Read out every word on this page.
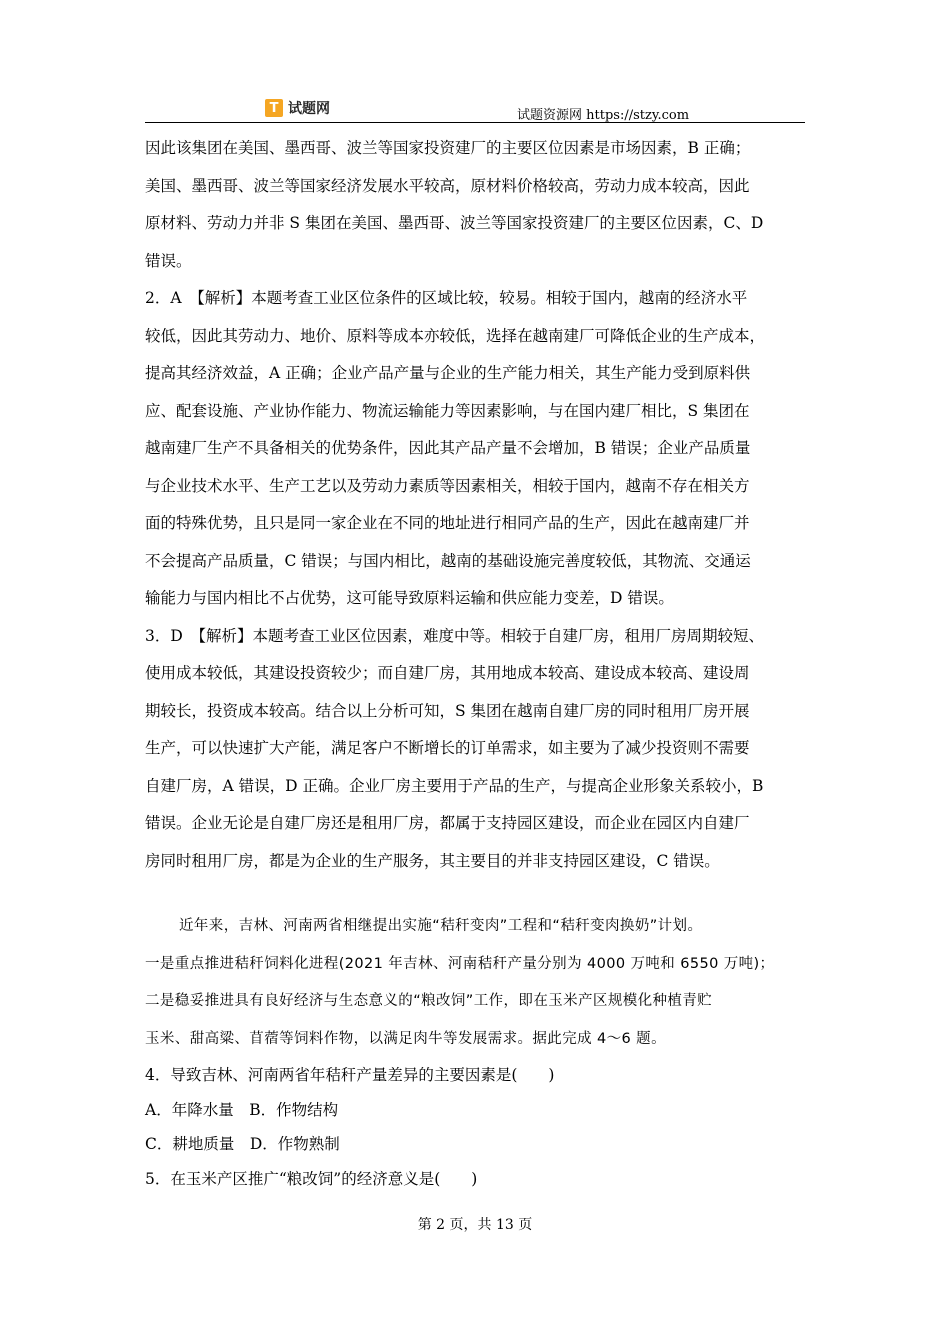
T 试题网	试题资源网 https://stzy.com

因此该集团在美国、墨西哥、波兰等国家投资建厂的主要区位因素是市场因素，B 正确；

美国、墨西哥、波兰等国家经济发展水平较高，原材料价格较高，劳动力成本较高，因此

原材料、劳动力并非 S 集团在美国、墨西哥、波兰等国家投资建厂的主要区位因素，C、D

错误。

2．A　【解析】本题考查工业区位条件的区域比较，较易。相较于国内，越南的经济水平

较低，因此其劳动力、地价、原料等成本亦较低，选择在越南建厂可降低企业的生产成本，

提高其经济效益，A 正确；企业产品产量与企业的生产能力相关，其生产能力受到原料供

应、配套设施、产业协作能力、物流运输能力等因素影响，与在国内建厂相比，S 集团在

越南建厂生产不具备相关的优势条件，因此其产品产量不会增加，B 错误；企业产品质量

与企业技术水平、生产工艺以及劳动力素质等因素相关，相较于国内，越南不存在相关方

面的特殊优势，且只是同一家企业在不同的地址进行相同产品的生产，因此在越南建厂并

不会提高产品质量，C 错误；与国内相比，越南的基础设施完善度较低，其物流、交通运

输能力与国内相比不占优势，这可能导致原料运输和供应能力变差，D 错误。

3．D　【解析】本题考查工业区位因素，难度中等。相较于自建厂房，租用厂房周期较短、

使用成本较低，其建设投资较少；而自建厂房，其用地成本较高、建设成本较高、建设周

期较长，投资成本较高。结合以上分析可知，S 集团在越南自建厂房的同时租用厂房开展

生产，可以快速扩大产能，满足客户不断增长的订单需求，如主要为了减少投资则不需要

自建厂房，A 错误，D 正确。企业厂房主要用于产品的生产，与提高企业形象关系较小，B

错误。企业无论是自建厂房还是租用厂房，都属于支持园区建设，而企业在园区内自建厂

房同时租用厂房，都是为企业的生产服务，其主要目的并非支持园区建设，C 错误。

近年来，吉林、河南两省相继提出实施“秸秆变肉”工程和“秸秆变肉换奶”计划。

一是重点推进秸秆饲料化进程(2021 年吉林、河南秸秆产量分别为 4000 万吨和 6550 万吨)；

二是稳妥推进具有良好经济与生态意义的“粮改饲”工作，即在玉米产区规模化种植青贮

玉米、甜高粱、苜蓿等饲料作物，以满足肉牛等发展需求。据此完成 4～6 题。

4．导致吉林、河南两省年秸秆产量差异的主要因素是(　　)

A．年降水量　B．作物结构

C．耕地质量　D．作物熟制

5．在玉米产区推广“粮改饲”的经济意义是(　　)

第 2 页，共 13 页
